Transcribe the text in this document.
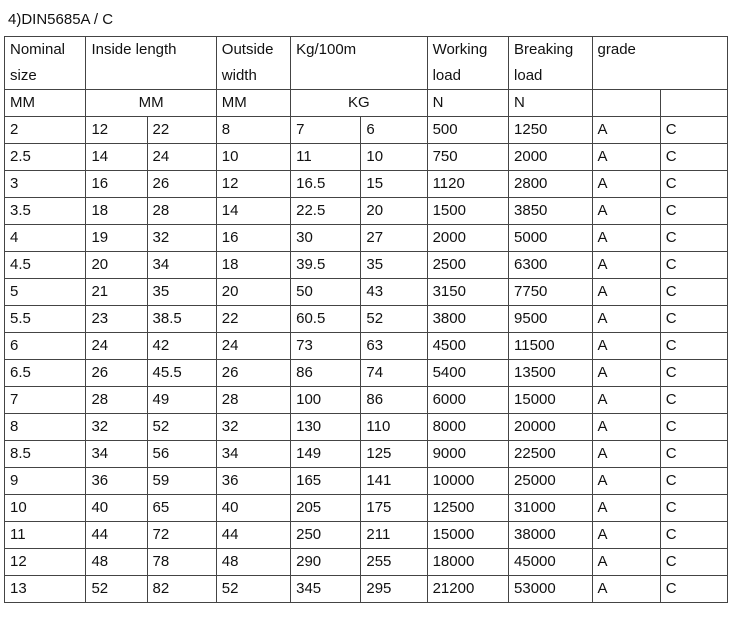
4)DIN5685A / C
Nominal size	Inside length		Outside width	Kg/100m		Working load	Breaking load	grade	
MM	MM		MM	KG		N	N		
2	12	22	8	7	6	500	1250	A	C
2.5	14	24	10	11	10	750	2000	A	C
3	16	26	12	16.5	15	1120	2800	A	C
3.5	18	28	14	22.5	20	1500	3850	A	C
4	19	32	16	30	27	2000	5000	A	C
4.5	20	34	18	39.5	35	2500	6300	A	C
5	21	35	20	50	43	3150	7750	A	C
5.5	23	38.5	22	60.5	52	3800	9500	A	C
6	24	42	24	73	63	4500	11500	A	C
6.5	26	45.5	26	86	74	5400	13500	A	C
7	28	49	28	100	86	6000	15000	A	C
8	32	52	32	130	110	8000	20000	A	C
8.5	34	56	34	149	125	9000	22500	A	C
9	36	59	36	165	141	10000	25000	A	C
10	40	65	40	205	175	12500	31000	A	C
11	44	72	44	250	211	15000	38000	A	C
12	48	78	48	290	255	18000	45000	A	C
13	52	82	52	345	295	21200	53000	A	C
